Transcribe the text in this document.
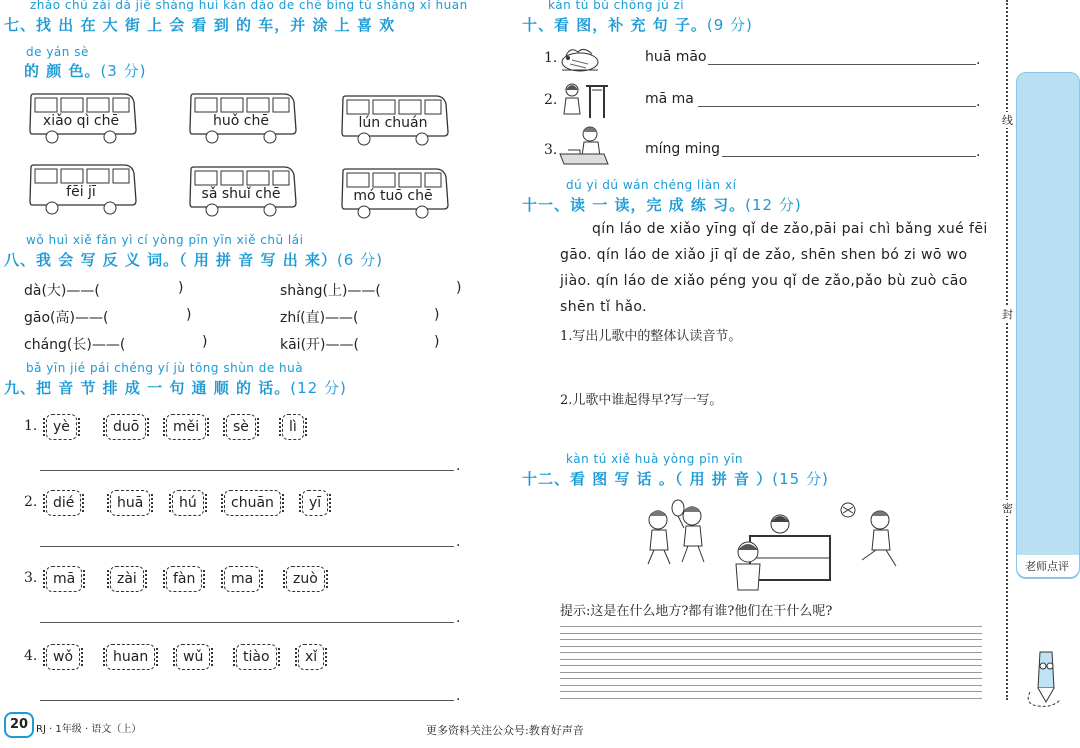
zhǎo chū zài dà jiē shàng huì kàn dào de chē bìng tú shàng xǐ huan
七、找 出 在 大 街 上 会 看 到 的 车，并 涂 上 喜 欢
de yán sè
的 颜 色。(3 分)
xiǎo qì chē	huǒ chē	lún chuán
fēi jī	sǎ shuǐ chē	mó tuō chē
wǒ huì xiě fǎn yì cí yòng pīn yīn xiě chū lái
八、我 会 写 反 义 词。（ 用 拼 音 写 出 来）(6 分)
dà(大)——(	)	shàng(上)——(	)
gāo(高)——(	)	zhí(直)——(	)
cháng(长)——(	)	kāi(开)——(	)
bǎ yīn jié pái chéng yí jù tōng shùn de huà
九、把 音 节 排 成 一 句 通 顺 的 话。(12 分)
1.	yè	duō	měi	sè	lì
.
2.	dié	huā	hú	chuān	yī
.
3.	mā	zài	fàn	ma	zuò
.
4.	wǒ	huan	wǔ	tiào	xǐ
.
kàn tú bǔ chōng jù zi
十、看 图，补 充 句 子。(9 分)
1.	huā māo	.
2.	mā ma	.
3.	míng ming	.
dú yi dú wán chéng liàn xí
十一、读 一 读，完 成 练 习。(12 分)
qín láo de xiǎo yīng qǐ de zǎo,pāi pai chì bǎng xué fēi
gāo. qín láo de xiǎo jī qǐ de zǎo, shēn shen bó zi wō wo
jiào. qín láo de xiǎo péng you qǐ de zǎo,pǎo bù zuò cāo
shēn tǐ hǎo.
1.写出儿歌中的整体认读音节。
2.儿歌中谁起得早?写一写。
kàn tú xiě huà yòng pīn yīn
十二、看 图 写 话 。（ 用 拼 音 ）(15 分)
提示:这是在什么地方?都有谁?他们在干什么呢?
线
封
密
老师点评
20 RJ · 1年级 · 语文（上）	更多资料关注公众号:教育好声音
